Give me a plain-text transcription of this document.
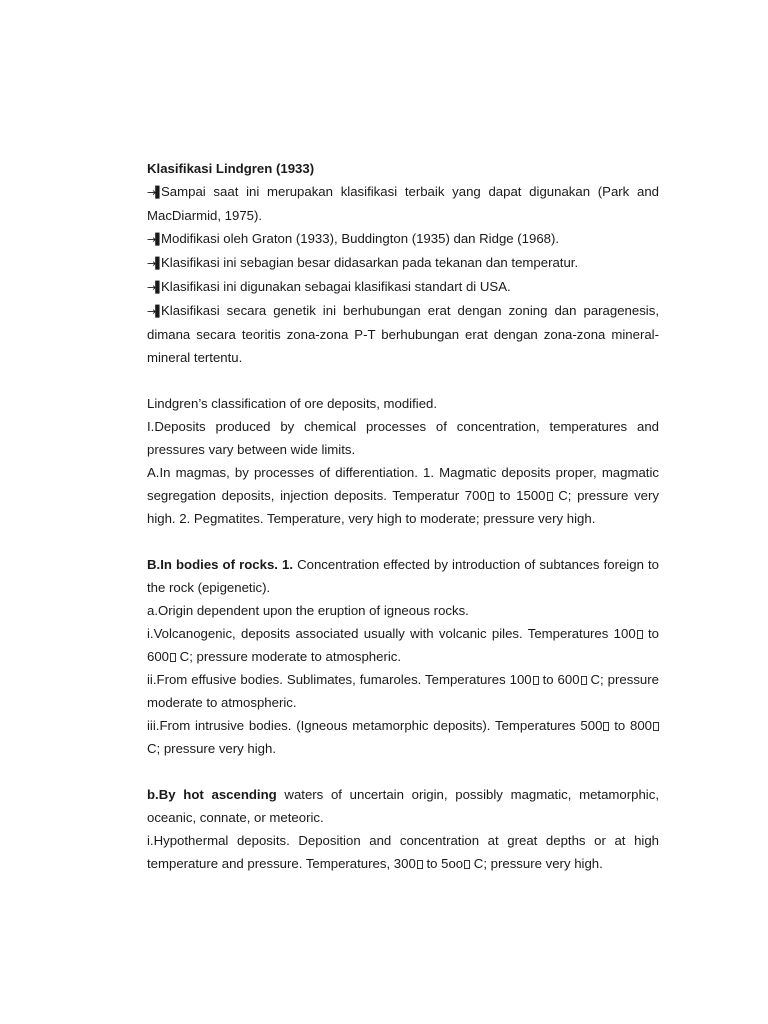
Klasifikasi Lindgren (1933)

→▌Sampai saat ini merupakan klasifikasi terbaik yang dapat digunakan (Park and MacDiarmid, 1975).

→▌Modifikasi oleh Graton (1933), Buddington (1935) dan Ridge (1968).

→▌Klasifikasi ini sebagian besar didasarkan pada tekanan dan temperatur.

→▌Klasifikasi ini digunakan sebagai klasifikasi standart di USA.

→▌Klasifikasi secara genetik ini berhubungan erat dengan zoning dan paragenesis, dimana secara teoritis zona-zona P-T berhubungan erat dengan zona-zona mineral-mineral tertentu.

Lindgren’s classification of ore deposits, modified.

I.Deposits produced by chemical processes of concentration, temperatures and pressures vary between wide limits.

A.In magmas, by processes of differentiation. 1. Magmatic deposits proper, magmatic segregation deposits, injection deposits. Temperatur 700 to 1500 C; pressure very high. 2. Pegmatites. Temperature, very high to moderate; pressure very high.

B.In bodies of rocks. 1. Concentration effected by introduction of subtances foreign to the rock (epigenetic).

a.Origin dependent upon the eruption of igneous rocks.

i.Volcanogenic, deposits associated usually with volcanic piles. Temperatures 100 to 600 C; pressure moderate to atmospheric.

ii.From effusive bodies. Sublimates, fumaroles. Temperatures 100 to 600 C; pressure moderate to atmospheric.

iii.From intrusive bodies. (Igneous metamorphic deposits). Temperatures 500 to 800 C; pressure very high.

b.By hot ascending waters of uncertain origin, possibly magmatic, metamorphic, oceanic, connate, or meteoric.

i.Hypothermal deposits. Deposition and concentration at great depths or at high temperature and pressure. Temperatures, 300 to 5oo C; pressure very high.
